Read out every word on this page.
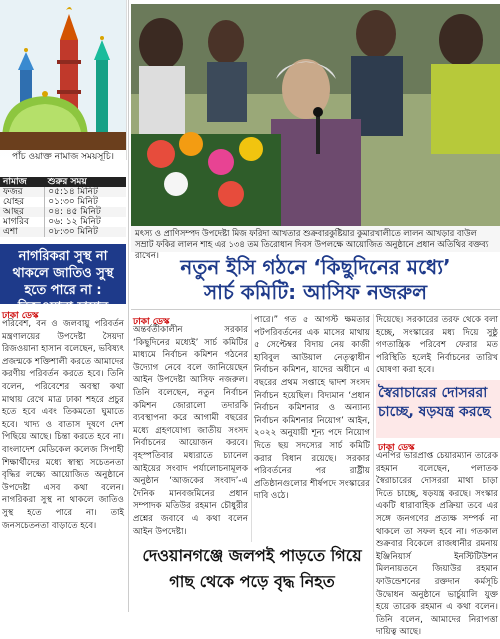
পাঁচ ওয়াক্ত নামাজ সময়সূচি।
নামাজ	শুরুর সময়
ফজর	০৫:১৪ মিনিট
যোহর	০১:৩০ মিনিট
আছর	০৪: ৪৫ মিনিট
মাগরিব	০৬: ১২ মিনিট
এশা	০৮:৩০ মিনিট
নাগরিকরা সুস্থ না থাকলে জাতিও সুস্থ হতে পারে না : রিজওয়ানা হাসান
ঢাকা ডেস্ক
পরিবেশ, বন ও জলবায়ু পরিবর্তন মন্ত্রণালয়ের উপদেষ্টা সৈয়দা রিজওয়ানা হাসান বলেছেন, ভবিষ্যৎ প্রজন্মকে শক্তিশালী করতে আমাদের করণীয় পরিবর্তন করতে হবে। তিনি বলেন, পরিবেশের অবস্থা কথা মাথায় রেখে মাত্র ঢাকা শহরে প্রচুর হতে হবে এবং তিকমতো ঘুমাতে হবে। খাদ্য ও বাতাস দূষণে দেশ পিছিয়ে আছে। চিন্তা করতে হবে না। বাংলাদেশ মেডিকেল কলেজ সিপাহী শিক্ষার্থীদের মধ্যে স্বাস্থ্য সচেতনতা বৃদ্ধির লক্ষ্যে আয়োজিত অনুষ্ঠানে উপদেষ্টা এসব কথা বলেন। নাগরিকরা সুস্থ না থাকলে জাতিও সুস্থ হতে পারে না। তাই জনসচেতনতা বাড়াতে হবে।
মৎস্য ও প্রাণিসম্পদ উপদেষ্টা মিজ ফরিদা আখতার শুক্রবারকুষ্টিয়ার কুমারখালীতে লালন আখড়ার বাউল সম্রাট ফকির লালন শাহ এর ১৩৪ তম তিরোধান দিবস উপলক্ষে আয়োজিত অনুষ্ঠানে প্রধান অতিথির বক্তব্য রাখেন।	নতুন ইসি গঠনে ‘কিছুদিনের মধ্যে’
সার্চ কমিটি: আসিফ নজরুল
ঢাকা ডেস্ক
অন্তর্বর্তীকালীন সরকার ‘কিছুদিনের মধ্যেই’ সার্চ কমিটির মাধ্যমে নির্বাচন কমিশন গঠনের উদ্যোগ নেবে বলে জানিয়েছেন আইন উপদেষ্টা আসিফ নজরুল। তিনি বলেছেন, নতুন নির্বাচন কমিশন জোরালো তদারকি ব্যবস্থাপনা করে আগামী বছরের মধ্যে গ্রহণযোগ্য জাতীয় সংসদ নির্বাচনের আয়োজন করবে। বৃহস্পতিবার মধ্যরাতে চ্যানেল আইয়ের সংবাদ পর্যালোচনামূলক অনুষ্ঠান ‘আজকের সংবাদ’-এ দৈনিক মানবজমিনের প্রধান সম্পাদক মতিউর রহমান চৌধুরীর প্রশ্নের জবাবে এ কথা বলেন আইন উপদেষ্টা।
পারে।” গত ৫ আগস্ট ক্ষমতার পটপরিবর্তনের এক মাসের মাথায় ৫ সেপ্টেম্বর বিদায় নেয় কাজী হাবিবুল আউয়াল নেতৃত্বাধীন নির্বাচন কমিশন, যাদের অধীনে এ বছরের প্রথম সপ্তাহে দ্বাদশ সংসদ নির্বাচন হয়েছিল। বিদ্যমান ‘প্রধান নির্বাচন কমিশনার ও অন্যান্য নির্বাচন কমিশনার নিয়োগ’ আইন, ২০২২ অনুযায়ী শূন্য পদে নিয়োগ দিতে ছয় সদস্যের সার্চ কমিটি করার বিধান রয়েছে। সরকার পরিবর্তনের পর রাষ্ট্রীয় প্রতিষ্ঠানগুলোর শীর্ষপদে সংস্কারের দাবি ওঠে।
দিয়েছে। সরকারের তরফ থেকে বলা হচ্ছে, সংস্কারের মধ্য দিয়ে সুষ্ঠু গণতান্ত্রিক পরিবেশ ফেরার মত পরিস্থিতি হলেই নির্বাচনের তারিখ ঘোষণা করা হবে।
স্বৈরাচারের দোসররা চাচ্ছে, ষড়যন্ত্র করছে
ঢাকা ডেস্ক
এনপির ভারপ্রাপ্ত চেয়ারম্যান তারেক রহমান বলেছেন, পলাতক স্বৈরাচারের দোসররা মাথা চাড়া দিতে চাচ্ছে, ষড়যন্ত্র করছে। সংস্কার একটি ধারাবাহিক প্রক্রিয়া তবে এর সঙ্গে জনগণের প্রত্যক্ষ সম্পর্ক না থাকলে তা সফল হবে না। গতকাল শুক্রবার বিকেলে রাজধানীর রমনায় ইঞ্জিনিয়ার্স ইনস্টিটিউশন মিলনায়তনে জিয়াউর রহমান ফাউন্ডেশনের রক্তদান কর্মসূচি উদ্বোধন অনুষ্ঠানে ভার্চুয়ালি যুক্ত হয়ে তারেক রহমান এ কথা বলেন। তিনি বলেন, আমাদের নিরাপত্তা দায়িত্ব আছে।
দেওয়ানগঞ্জে জলপই পাড়তে গিয়ে
গাছ থেকে পড়ে বৃদ্ধ নিহত
